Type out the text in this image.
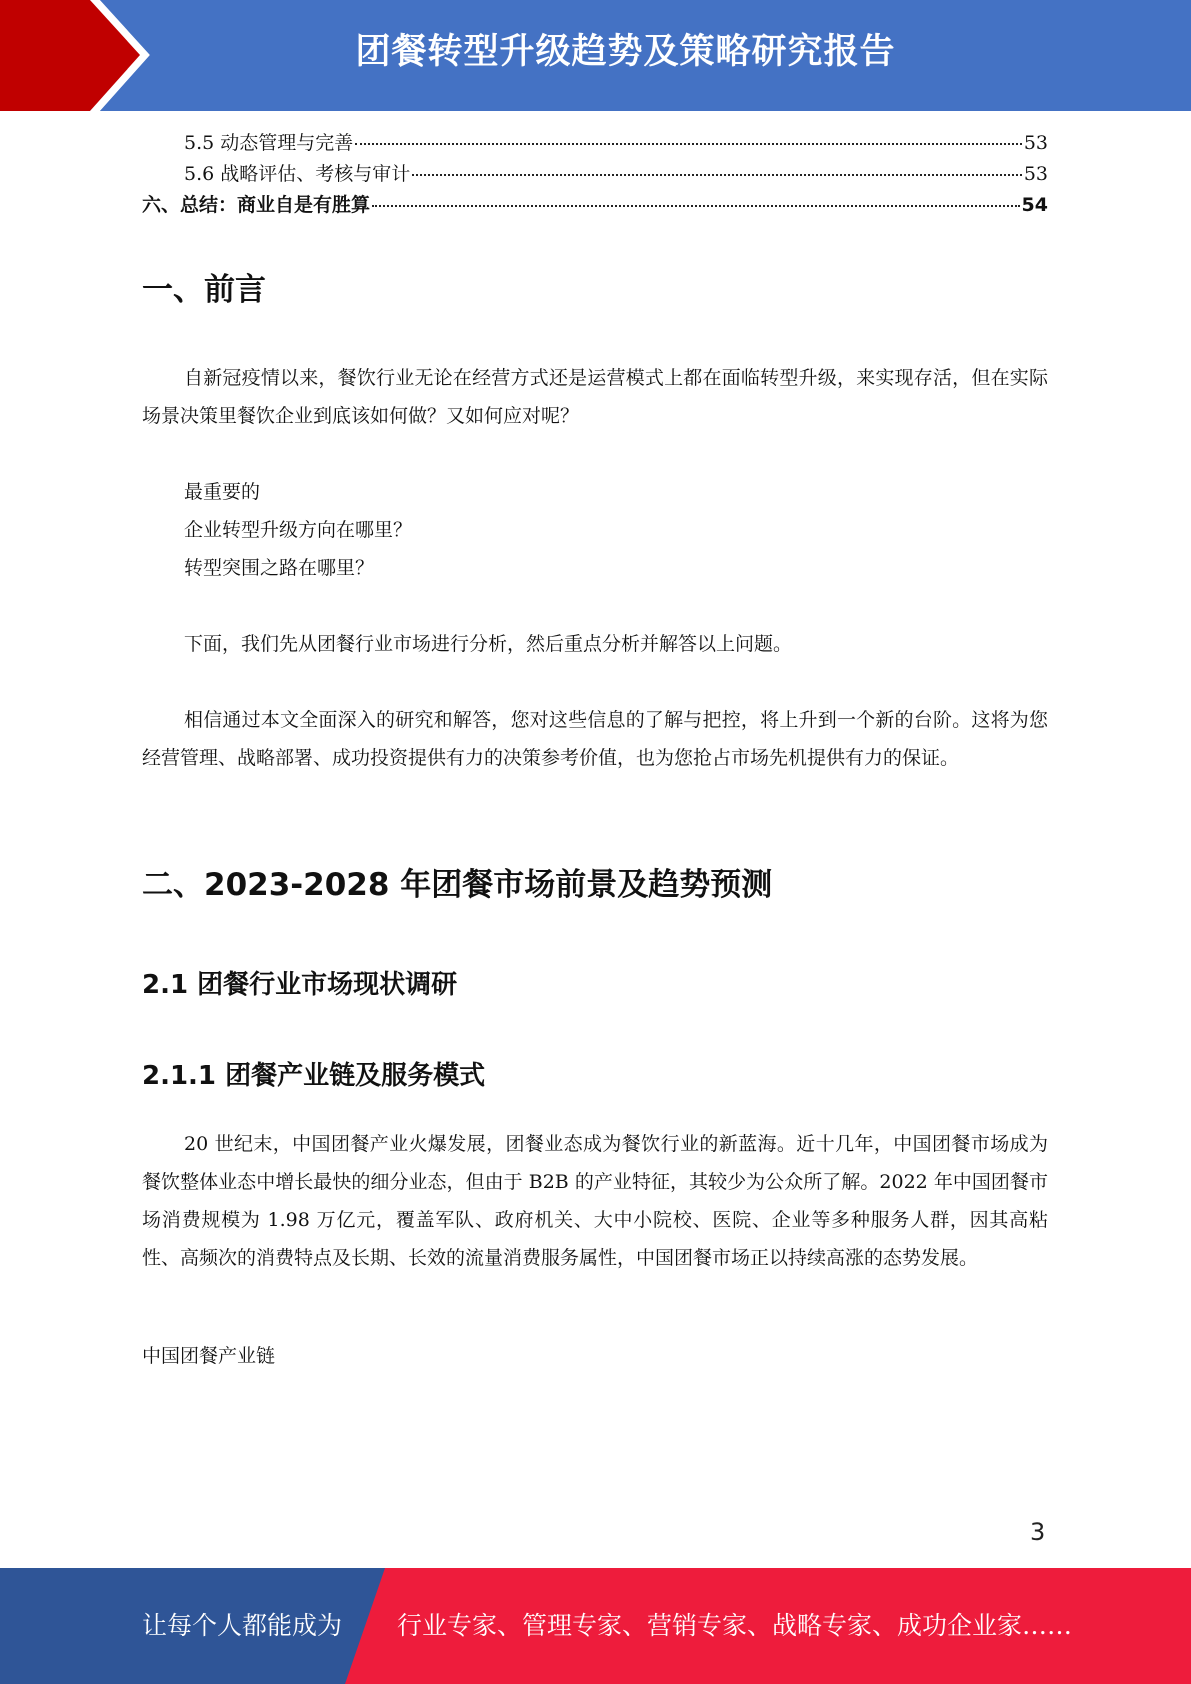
团餐转型升级趋势及策略研究报告
5.5 动态管理与完善	53
5.6 战略评估、考核与审计	53
六、总结：商业自是有胜算	54
一、前言
自新冠疫情以来，餐饮行业无论在经营方式还是运营模式上都在面临转型升级，来实现存活，但在实际场景决策里餐饮企业到底该如何做？又如何应对呢？
最重要的
企业转型升级方向在哪里？
转型突围之路在哪里？
下面，我们先从团餐行业市场进行分析，然后重点分析并解答以上问题。
相信通过本文全面深入的研究和解答，您对这些信息的了解与把控，将上升到一个新的台阶。这将为您经营管理、战略部署、成功投资提供有力的决策参考价值，也为您抢占市场先机提供有力的保证。
二、2023-2028 年团餐市场前景及趋势预测
2.1 团餐行业市场现状调研
2.1.1 团餐产业链及服务模式
20 世纪末，中国团餐产业火爆发展，团餐业态成为餐饮行业的新蓝海。近十几年，中国团餐市场成为餐饮整体业态中增长最快的细分业态，但由于 B2B 的产业特征，其较少为公众所了解。2022 年中国团餐市场消费规模为 1.98 万亿元，覆盖军队、政府机关、大中小院校、医院、企业等多种服务人群，因其高粘性、高频次的消费特点及长期、长效的流量消费服务属性，中国团餐市场正以持续高涨的态势发展。
中国团餐产业链
3
让每个人都能成为 行业专家、管理专家、营销专家、战略专家、成功企业家……
